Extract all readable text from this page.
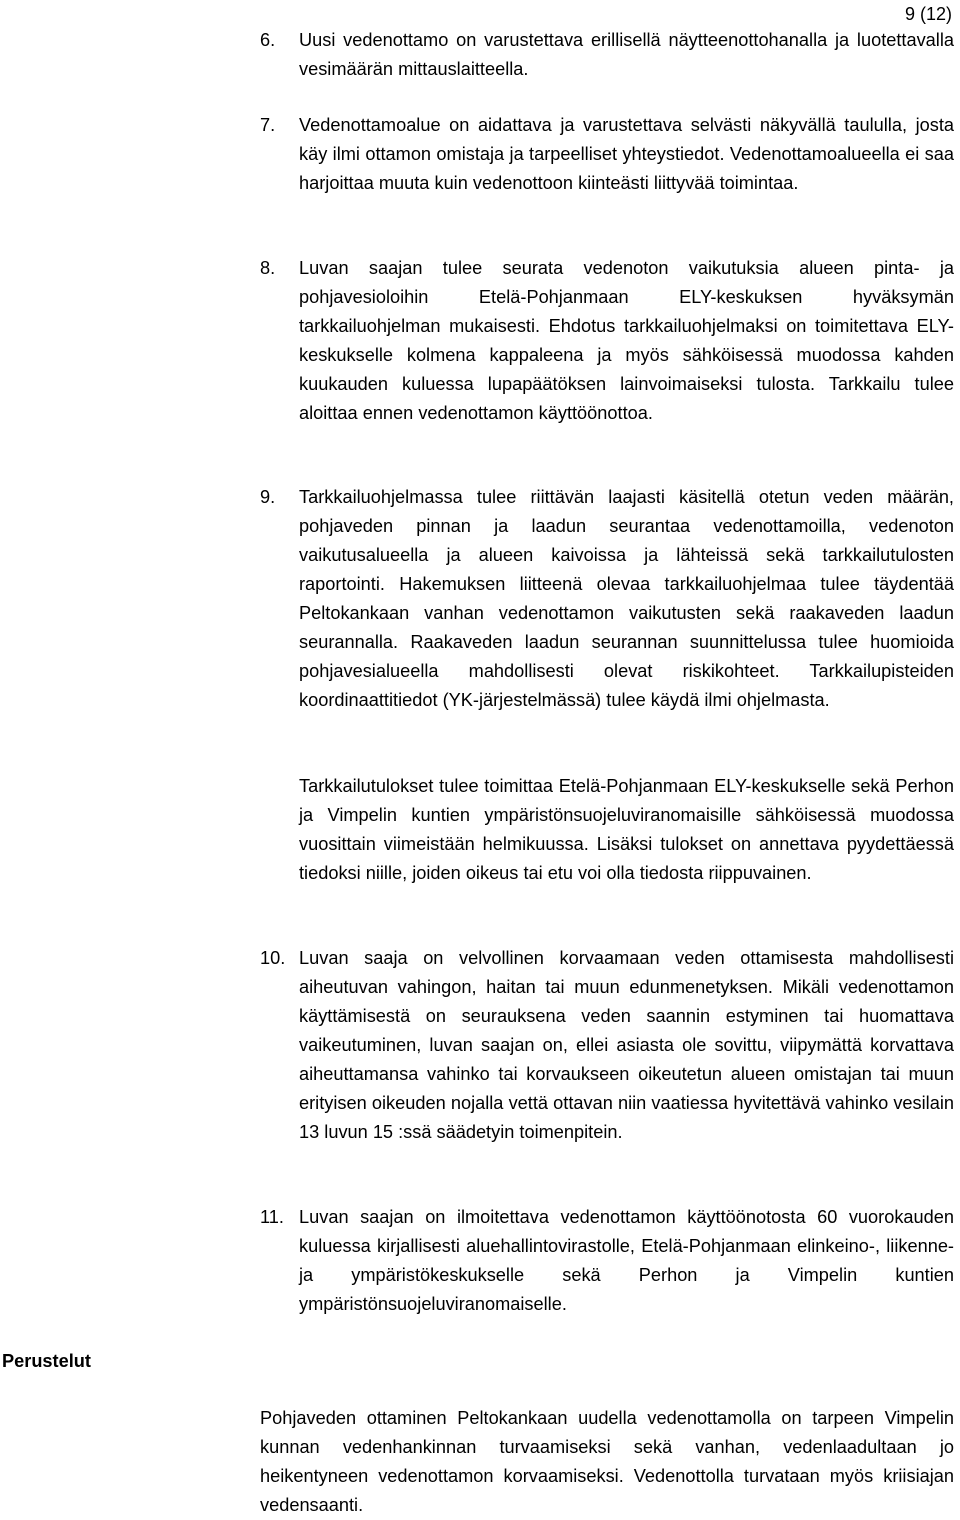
9 (12)
6. Uusi vedenottamo on varustettava erillisellä näytteenottohanalla ja luotettavalla vesimäärän mittauslaitteella.

7. Vedenottamoalue on aidattava ja varustettava selvästi näkyvällä taululla, josta käy ilmi ottamon omistaja ja tarpeelliset yhteystiedot. Vedenottamoalueella ei saa harjoittaa muuta kuin vedenottoon kiinteästi liittyvää toimintaa.

8. Luvan saajan tulee seurata vedenoton vaikutuksia alueen pinta- ja pohjavesioloihin Etelä-Pohjanmaan ELY-keskuksen hyväksymän tarkkailuohjelman mukaisesti. Ehdotus tarkkailuohjelmaksi on toimitettava ELY-keskukselle kolmena kappaleena ja myös sähköisessä muodossa kahden kuukauden kuluessa lupapäätöksen lainvoimaiseksi tulosta. Tarkkailu tulee aloittaa ennen vedenottamon käyttöönottoa.

9. Tarkkailuohjelmassa tulee riittävän laajasti käsitellä otetun veden määrän, pohjaveden pinnan ja laadun seurantaa vedenottamoilla, vedenoton vaikutusalueella ja alueen kaivoissa ja lähteissä sekä tarkkailutulosten raportointi. Hakemuksen liitteenä olevaa tarkkailuohjelmaa tulee täydentää Peltokankaan vanhan vedenottamon vaikutusten sekä raakaveden laadun seurannalla. Raakaveden laadun seurannan suunnittelussa tulee huomioida pohjavesialueella mahdollisesti olevat riskikohteet. Tarkkailupisteiden koordinaattitiedot (YK-järjestelmässä) tulee käydä ilmi ohjelmasta.

Tarkkailutulokset tulee toimittaa Etelä-Pohjanmaan ELY-keskukselle sekä Perhon ja Vimpelin kuntien ympäristönsuojeluviranomaisille sähköisessä muodossa vuosittain viimeistään helmikuussa. Lisäksi tulokset on annettava pyydettäessä tiedoksi niille, joiden oikeus tai etu voi olla tiedosta riippuvainen.

10. Luvan saaja on velvollinen korvaamaan veden ottamisesta mahdollisesti aiheutuvan vahingon, haitan tai muun edunmenetyksen. Mikäli vedenottamon käyttämisestä on seurauksena veden saannin estyminen tai huomattava vaikeutuminen, luvan saajan on, ellei asiasta ole sovittu, viipymättä korvattava aiheuttamansa vahinko tai korvaukseen oikeutetun alueen omistajan tai muun erityisen oikeuden nojalla vettä ottavan niin vaatiessa hyvitettävä vahinko vesilain 13 luvun 15 :ssä säädetyin toimenpitein.

11. Luvan saajan on ilmoitettava vedenottamon käyttöönotosta 60 vuorokauden kuluessa kirjallisesti aluehallintovirastolle, Etelä-Pohjanmaan elinkeino-, liikenne- ja ympäristökeskukselle sekä Perhon ja Vimpelin kuntien ympäristönsuojeluviranomaiselle.

Perustelut
Pohjaveden ottaminen Peltokankaan uudella vedenottamolla on tarpeen Vimpelin kunnan vedenhankinnan turvaamiseksi sekä vanhan, vedenlaadultaan jo heikentyneen vedenottamon korvaamiseksi. Vedenottolla turvataan myös kriisiajan vedensaanti.
